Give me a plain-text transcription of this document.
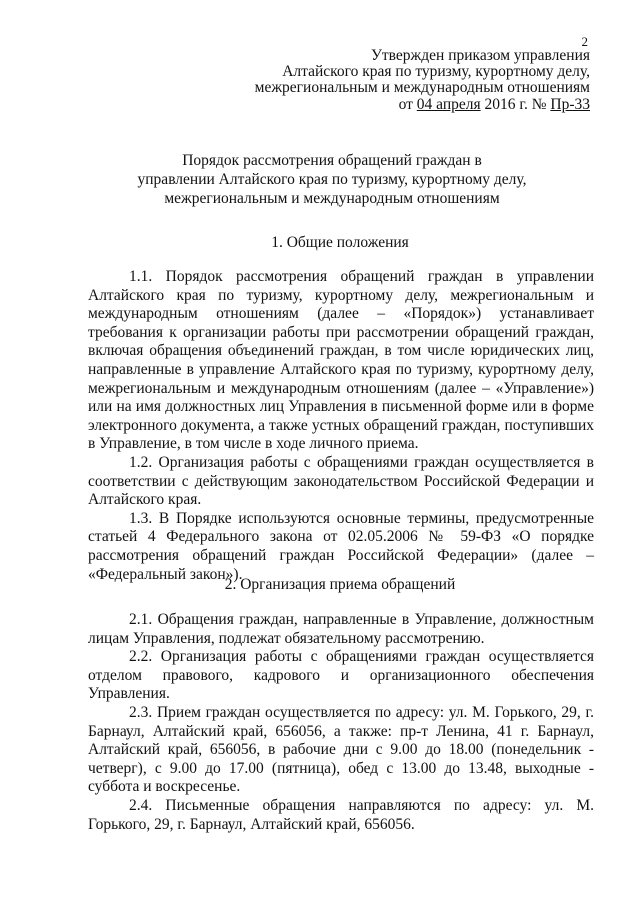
2
Утвержден приказом управления
Алтайского края по туризму, курортному делу,
межрегиональным и международным отношениям
от 04 апреля 2016 г. № Пр-33
Порядок рассмотрения обращений граждан в
управлении Алтайского края по туризму, курортному делу,
межрегиональным и международным отношениям
1. Общие положения

1.1. Порядок рассмотрения обращений граждан в управлении Алтайского края по туризму, курортному делу, межрегиональным и международным отношениям (далее – «Порядок») устанавливает требования к организации работы при рассмотрении обращений граждан, включая обращения объединений граждан, в том числе юридических лиц, направленные в управление Алтайского края по туризму, курортному делу, межрегиональным и международным отношениям (далее – «Управление») или на имя должностных лиц Управления в письменной форме или в форме электронного документа, а также устных обращений граждан, поступивших в Управление, в том числе в ходе личного приема.

1.2. Организация работы с обращениями граждан осуществляется в соответствии с действующим законодательством Российской Федерации и Алтайского края.

1.3. В Порядке используются основные термины, предусмотренные статьей 4 Федерального закона от 02.05.2006 № 59-ФЗ «О порядке рассмотрения обращений граждан Российской Федерации» (далее – «Федеральный закон»).

2. Организация приема обращений

2.1. Обращения граждан, направленные в Управление, должностным лицам Управления, подлежат обязательному рассмотрению.

2.2. Организация работы с обращениями граждан осуществляется отделом правового, кадрового и организационного обеспечения Управления.

2.3. Прием граждан осуществляется по адресу: ул. М. Горького, 29, г. Барнаул, Алтайский край, 656056, а также: пр-т Ленина, 41 г. Барнаул, Алтайский край, 656056, в рабочие дни с 9.00 до 18.00 (понедельник - четверг), с 9.00 до 17.00 (пятница), обед с 13.00 до 13.48, выходные - суббота и воскресенье.

2.4. Письменные обращения направляются по адресу: ул. М. Горького, 29, г. Барнаул, Алтайский край, 656056.
